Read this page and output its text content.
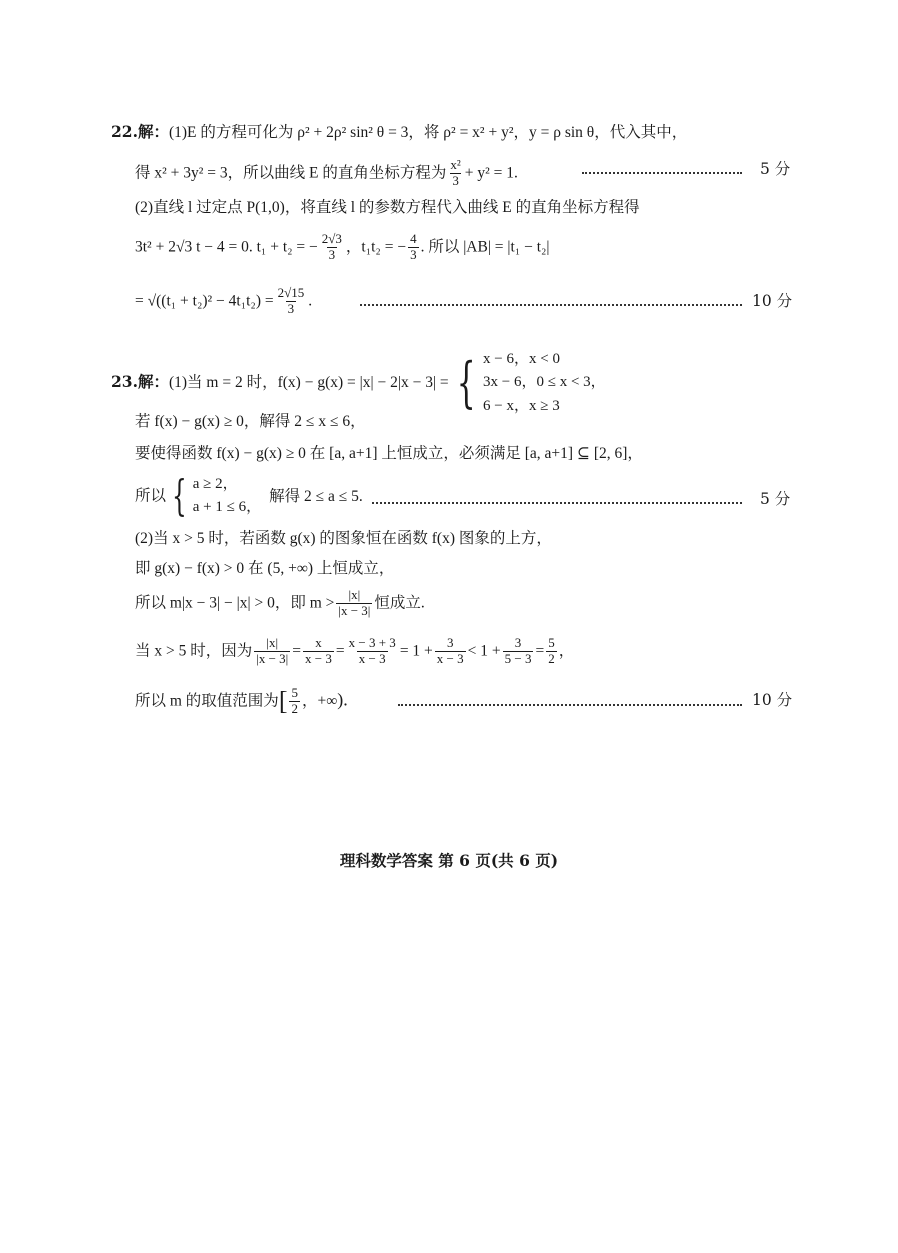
22.解：(1)E 的方程可化为 ρ² + 2ρ² sin² θ = 3，将 ρ² = x² + y²，y = ρ sin θ，代入其中，
得 x² + 3y² = 3，所以曲线 E 的直角坐标方程为 $\frac{\text{x²}}{3} + y^2 = 1$.	5 分
(2)直线 l 过定点 P(1,0)，将直线 l 的参数方程代入曲线 E 的直角坐标方程得
3t² + 2√3 t − 4 = 0. t₁ + t₂ = − $\frac{2√3}{3}$ ，t₁t₂ = − $\frac{4}{3}$ . 所以 |AB| = |t₁ − t₂|
= $√((t_1 + t_2)^2 - 4t_1t_2) = \frac{2√15}{3}$ .	10 分
23.解：(1)当 m = 2 时，f(x) − g(x) = |x| − 2|x − 3| = { x − 6，x < 0
3x − 6，0 ≤ x < 3，
6 − x，x ≥ 3
若 f(x) − g(x) ≥ 0，解得 2 ≤ x ≤ 6，
要使得函数 f(x) − g(x) ≥ 0 在 [a, a+1] 上恒成立，必须满足 [a, a+1] ⊆ [2, 6]，
所以 { a ≥ 2，
a + 1 ≤ 6，
解得 2 ≤ a ≤ 5.	5 分
(2)当 x > 5 时，若函数 g(x) 的图象恒在函数 f(x) 图象的上方，
即 g(x) − f(x) > 0 在 (5, +∞) 上恒成立，
所以 m|x − 3| − |x| > 0，即 $m > \frac{|x|}{|x - 3|}$ 恒成立.
当 x > 5 时，因为 $\frac{|x|}{|x - 3|} = \frac{x}{x - 3} = \frac{x - 3 + 3}{x - 3} = 1 + \frac{3}{x - 3} < 1 + \frac{3}{5 - 3} = \frac{5}{2}$ ，
所以 m 的取值范围为[ $\frac{5}{2}$ ，+∞).	10 分
理科数学答案 第 6 页(共 6 页)
